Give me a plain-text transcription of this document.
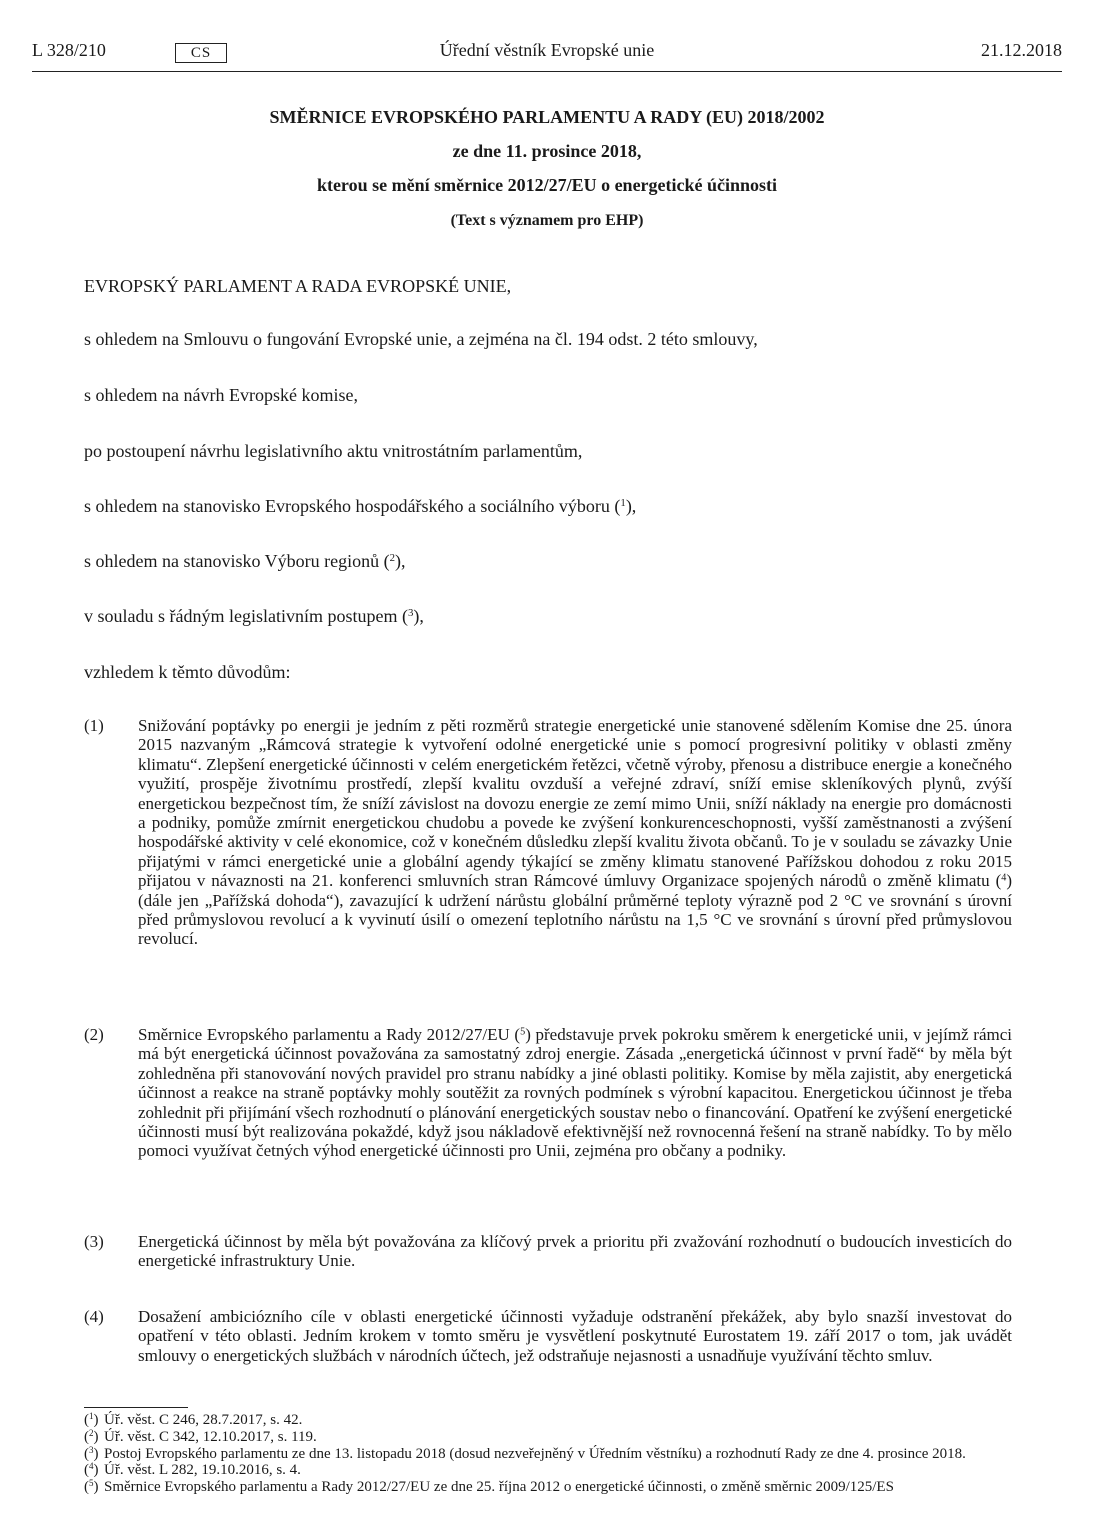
L 328/210	CS	Úřední věstník Evropské unie	21.12.2018
SMĚRNICE EVROPSKÉHO PARLAMENTU A RADY (EU) 2018/2002
ze dne 11. prosince 2018,
kterou se mění směrnice 2012/27/EU o energetické účinnosti
(Text s významem pro EHP)
EVROPSKÝ PARLAMENT A RADA EVROPSKÉ UNIE,
s ohledem na Smlouvu o fungování Evropské unie, a zejména na čl. 194 odst. 2 této smlouvy,
s ohledem na návrh Evropské komise,
po postoupení návrhu legislativního aktu vnitrostátním parlamentům,
s ohledem na stanovisko Evropského hospodářského a sociálního výboru ($^1$),
s ohledem na stanovisko Výboru regionů ($^2$),
v souladu s řádným legislativním postupem ($^3$),
vzhledem k těmto důvodům:
(1) Snižování poptávky po energii je jedním z pěti rozměrů strategie energetické unie stanovené sdělením Komise dne 25. února 2015 nazvaným „Rámcová strategie k vytvoření odolné energetické unie s pomocí progresivní politiky v oblasti změny klimatu“. Zlepšení energetické účinnosti v celém energetickém řetězci, včetně výroby, přenosu a distribuce energie a konečného využití, prospěje životnímu prostředí, zlepší kvalitu ovzduší a veřejné zdraví, sníží emise skleníkových plynů, zvýší energetickou bezpečnost tím, že sníží závislost na dovozu energie ze zemí mimo Unii, sníží náklady na energie pro domácnosti a podniky, pomůže zmírnit energetickou chudobu a povede ke zvýšení konkurenceschopnosti, vyšší zaměstnanosti a zvýšení hospodářské aktivity v celé ekonomice, což v konečném důsledku zlepší kvalitu života občanů. To je v souladu se závazky Unie přijatými v rámci energetické unie a globální agendy týkající se změny klimatu stanovené Pařížskou dohodou z roku 2015 přijatou v návaznosti na 21. konferenci smluvních stran Rámcové úmluvy Organizace spojených národů o změně klimatu ($^4$) (dále jen „Pařížská dohoda“), zavazující k udržení nárůstu globální průměrné teploty výrazně pod 2 °C ve srovnání s úrovní před průmyslovou revolucí a k vyvinutí úsilí o omezení teplotního nárůstu na 1,5 °C ve srovnání s úrovní před průmyslovou revolucí.
(2) Směrnice Evropského parlamentu a Rady 2012/27/EU ($^5$) představuje prvek pokroku směrem k energetické unii, v jejímž rámci má být energetická účinnost považována za samostatný zdroj energie. Zásada „energetická účinnost v první řadě“ by měla být zohledněna při stanovování nových pravidel pro stranu nabídky a jiné oblasti politiky. Komise by měla zajistit, aby energetická účinnost a reakce na straně poptávky mohly soutěžit za rovných podmínek s výrobní kapacitou. Energetickou účinnost je třeba zohlednit při přijímání všech rozhodnutí o plánování energetických soustav nebo o financování. Opatření ke zvýšení energetické účinnosti musí být realizována pokaždé, když jsou nákladově efektivnější než rovnocenná řešení na straně nabídky. To by mělo pomoci využívat četných výhod energetické účinnosti pro Unii, zejména pro občany a podniky.
(3) Energetická účinnost by měla být považována za klíčový prvek a prioritu při zvažování rozhodnutí o budoucích investicích do energetické infrastruktury Unie.
(4) Dosažení ambiciózního cíle v oblasti energetické účinnosti vyžaduje odstranění překážek, aby bylo snazší investovat do opatření v této oblasti. Jedním krokem v tomto směru je vysvětlení poskytnuté Eurostatem 19. září 2017 o tom, jak uvádět smlouvy o energetických službách v národních účtech, jež odstraňuje nejasnosti a usnadňuje využívání těchto smluv.
($^1$) Úř. věst. C 246, 28.7.2017, s. 42.
($^2$) Úř. věst. C 342, 12.10.2017, s. 119.
($^3$) Postoj Evropského parlamentu ze dne 13. listopadu 2018 (dosud nezveřejněný v Úředním věstníku) a rozhodnutí Rady ze dne 4. prosince 2018.
($^4$) Úř. věst. L 282, 19.10.2016, s. 4.
($^5$) Směrnice Evropského parlamentu a Rady 2012/27/EU ze dne 25. října 2012 o energetické účinnosti, o změně směrnic 2009/125/ES
